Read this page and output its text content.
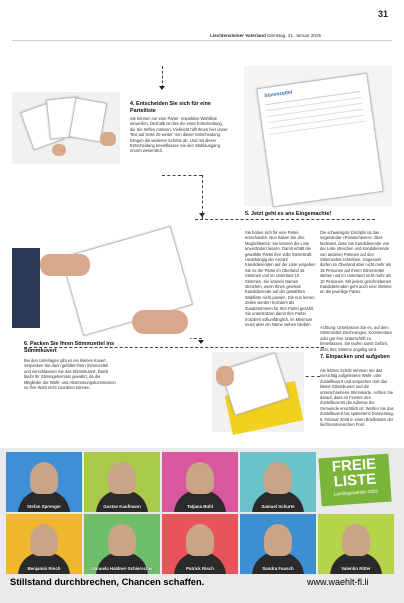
31
Liechtensteiner Vaterland Dienstag, 21. Januar 2025
4. Entscheiden Sie sich für eine Parteiliste
Sie können nur eine Partei- respektive Wahlliste einwerfen. Deshalb ist dies die erste Entscheidung, die Sie treffen müssen. Vielleicht hilft Ihnen hier unser Text auf Seite 29 weiter. Von dieser Entscheidung hängen die weiteren Schritte ab. Und mit dieser Entscheidung beeinflussen Sie den Wahlausgang enorm wesentlich.
Stimmzettel
5. Jetzt geht es ans Eingemachte!
Sie haben sich für eine Partei entschieden. Nun haben Sie drei Möglichkeiten: Sie können die Liste unverändert lassen. Damit erhält die gewählte Partei ihre volle Stimmkraft. Unabhängig der Anzahl Kandidierenden auf der Liste vergeben Sie so der Partei im Oberland 15 Stimmen und im Unterland 10 Stimmen. Sie können Namen streichen, wenn Ihnen gewisse Kandidierende auf der gewählten Wahlliste nicht passen. Die nun leeren Zeilen werden trotzdem als Zusatzstimmen für Ihre Partei gezählt. Sie unterstützen damit Ihre Partei trotzdem vollumfänglich, im Minimum muss aber ein Name stehen bleiben.
Die schwierigste Disziplin ist das sogenannte «Panaschieren». Dies bedeutet, dass Sie Kandidierende von der Liste streichen und Kandidierende von anderen Parteien auf den Stimmzettel schreiben. Insgesamt dürfen im Oberland aber nicht mehr als 15 Personen auf Ihrem Stimmzettel stehen und im Unterland nicht mehr als 10 Personen. Mit jedem geschriebenen Kandidierenden geht auch eine Stimme an die jeweilige Partei.
Achtung: Unterlassen Sie es, auf dem Stimmzettel Zeichnungen, Kommentare oder gar Ihre Unterschrift zu hinterlassen. Sie laufen sonst Gefahr, dass Ihre Stimme ungültig wird.
6. Packen Sie Ihren Stimmzettel ins Stimmkuvert
Bei den Unterlagen gibt es ein kleines Kuvert. Verpacken Sie darin gefaltet Ihren Stimmzettel und verschliessen Sie das Stimmkuvert. Damit bleibt Ihr Stimmgeheimnis gewahrt, da die Mitglieder der Wahl- und Abstimmungskommission so Ihre Wahl nicht zuordnen können.
7. Einpacken und aufgeben
Als letzten Schritt nehmen Sie das vorsichtig aufgelesene Wahl- oder Zustellkuvert und verpacken dort das kleine Stimmkuvert und die unterschriebene Stimmkarte. Achten Sie darauf, dass im Fenster des Zustellkuverts die Adresse der Gemeinde ersichtlich ist. Werfen Sie das Zustellkuvert bis spätestens Donnerstag, 6. Februar 2025 in einen Briefkasten der liechtensteinischen Post.
Stefan Sprenger	Gustav Kaufmann	Tatjana Bühl	Samuel Schurte
Benjamin Risch	Manuela Haldner-Schierscher	Patrick Risch	Sandra Fausch	Valentin Ritter
FREIE
LISTE
Landtagswahlen 2025
Stillstand durchbrechen, Chancen schaffen.	www.waehlt-fl.li
